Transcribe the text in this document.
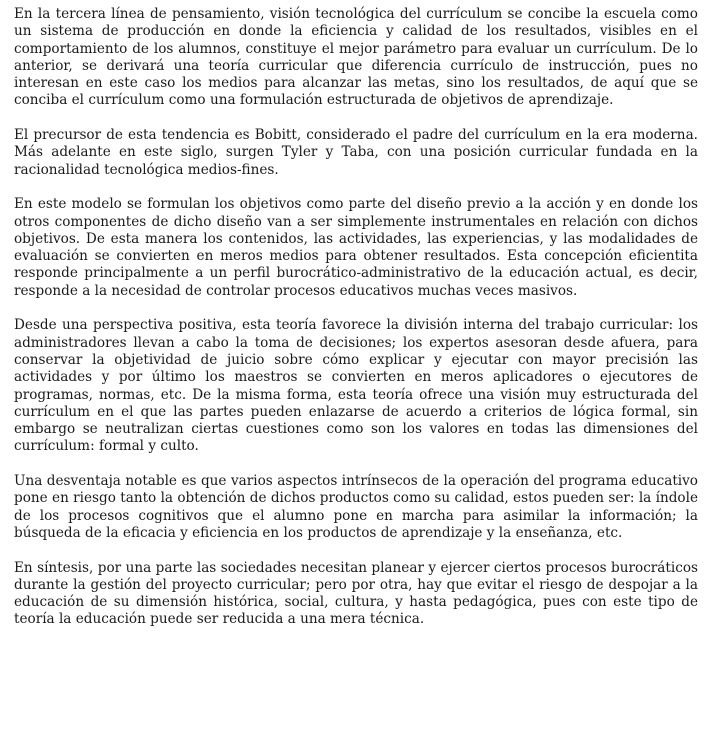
En la tercera línea de pensamiento, visión tecnológica del currículum se concibe la escuela como un sistema de producción en donde la eficiencia y calidad de los resultados, visibles en el comportamiento de los alumnos, constituye el mejor parámetro para evaluar un currículum. De lo anterior, se derivará una teoría curricular que diferencia currículo de instrucción, pues no interesan en este caso los medios para alcanzar las metas, sino los resultados, de aquí que se conciba el currículum como una formulación estructurada de objetivos de aprendizaje.

El precursor de esta tendencia es Bobitt, considerado el padre del currículum en la era moderna. Más adelante en este siglo, surgen Tyler y Taba, con una posición curricular fundada en la racionalidad tecnológica medios-fines.

En este modelo se formulan los objetivos como parte del diseño previo a la acción y en donde los otros componentes de dicho diseño van a ser simplemente instrumentales en relación con dichos objetivos. De esta manera los contenidos, las actividades, las experiencias, y las modalidades de evaluación se convierten en meros medios para obtener resultados. Esta concepción eficientita responde principalmente a un perfil burocrático-administrativo de la educación actual, es decir, responde a la necesidad de controlar procesos educativos muchas veces masivos.

Desde una perspectiva positiva, esta teoría favorece la división interna del trabajo curricular: los administradores llevan a cabo la toma de decisiones; los expertos asesoran desde afuera, para conservar la objetividad de juicio sobre cómo explicar y ejecutar con mayor precisión las actividades y por último los maestros se convierten en meros aplicadores o ejecutores de programas, normas, etc. De la misma forma, esta teoría ofrece una visión muy estructurada del currículum en el que las partes pueden enlazarse de acuerdo a criterios de lógica formal, sin embargo se neutralizan ciertas cuestiones como son los valores en todas las dimensiones del currículum: formal y culto.

Una desventaja notable es que varios aspectos intrínsecos de la operación del programa educativo pone en riesgo tanto la obtención de dichos productos como su calidad, estos pueden ser: la índole de los procesos cognitivos que el alumno pone en marcha para asimilar la información; la búsqueda de la eficacia y eficiencia en los productos de aprendizaje y la enseñanza, etc.

En síntesis, por una parte las sociedades necesitan planear y ejercer ciertos procesos burocráticos durante la gestión del proyecto curricular; pero por otra, hay que evitar el riesgo de despojar a la educación de su dimensión histórica, social, cultura, y hasta pedagógica, pues con este tipo de teoría la educación puede ser reducida a una mera técnica.
